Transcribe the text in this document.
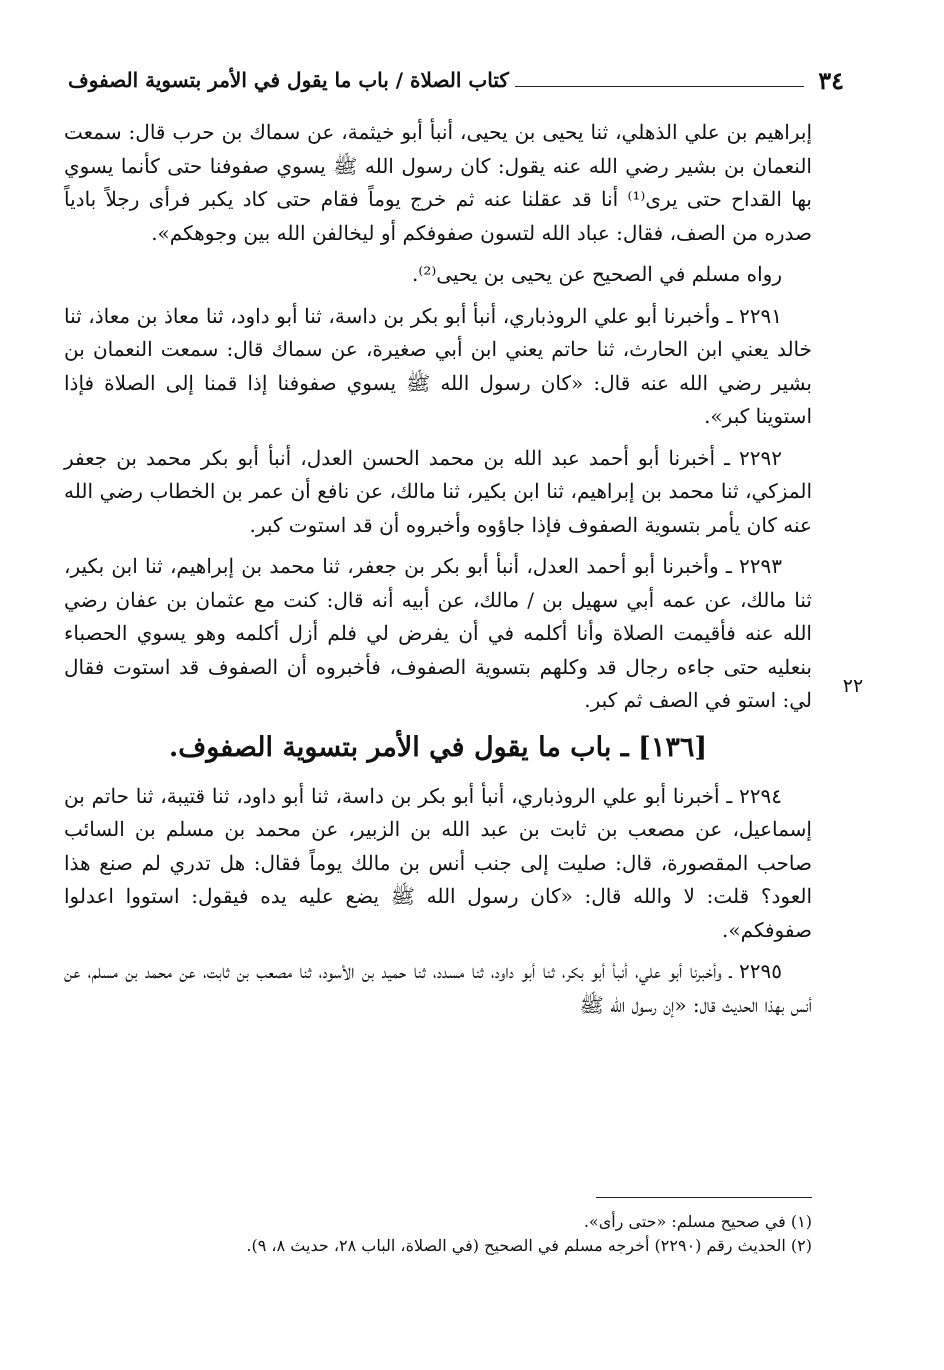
٣٤
كتاب الصلاة / باب ما يقول في الأمر بتسوية الصفوف
٢٢

إبراهيم بن علي الذهلي، ثنا يحيى بن يحيى، أنبأ أبو خيثمة، عن سماك بن حرب قال: سمعت النعمان بن بشير رضي الله عنه يقول: كان رسول الله ﷺ يسوي صفوفنا حتى كأنما يسوي بها القداح حتى يرى⁽¹⁾ أنا قد عقلنا عنه ثم خرج يوماً فقام حتى كاد يكبر فرأى رجلاً بادياً صدره من الصف، فقال: عباد الله لتسون صفوفكم أو ليخالفن الله بين وجوهكم».

رواه مسلم في الصحيح عن يحيى بن يحيى⁽²⁾.

٢٢٩١ ـ وأخبرنا أبو علي الروذباري، أنبأ أبو بكر بن داسة، ثنا أبو داود، ثنا معاذ بن معاذ، ثنا خالد يعني ابن الحارث، ثنا حاتم يعني ابن أبي صغيرة، عن سماك قال: سمعت النعمان بن بشير رضي الله عنه قال: «كان رسول الله ﷺ يسوي صفوفنا إذا قمنا إلى الصلاة فإذا استوينا كبر».

٢٢٩٢ ـ أخبرنا أبو أحمد عبد الله بن محمد الحسن العدل، أنبأ أبو بكر محمد بن جعفر المزكي، ثنا محمد بن إبراهيم، ثنا ابن بكير، ثنا مالك، عن نافع أن عمر بن الخطاب رضي الله عنه كان يأمر بتسوية الصفوف فإذا جاؤوه وأخبروه أن قد استوت كبر.

٢٢٩٣ ـ وأخبرنا أبو أحمد العدل، أنبأ أبو بكر بن جعفر، ثنا محمد بن إبراهيم، ثنا ابن بكير، ثنا مالك، عن عمه أبي سهيل بن / مالك، عن أبيه أنه قال: كنت مع عثمان بن عفان رضي الله عنه فأقيمت الصلاة وأنا أكلمه في أن يفرض لي فلم أزل أكلمه وهو يسوي الحصباء بنعليه حتى جاءه رجال قد وكلهم بتسوية الصفوف، فأخبروه أن الصفوف قد استوت فقال لي: استو في الصف ثم كبر.

[١٣٦] ـ باب ما يقول في الأمر بتسوية الصفوف.

٢٢٩٤ ـ أخبرنا أبو علي الروذباري، أنبأ أبو بكر بن داسة، ثنا أبو داود، ثنا قتيبة، ثنا حاتم بن إسماعيل، عن مصعب بن ثابت بن عبد الله بن الزبير، عن محمد بن مسلم بن السائب صاحب المقصورة، قال: صليت إلى جنب أنس بن مالك يوماً فقال: هل تدري لم صنع هذا العود؟ قلت: لا والله قال: «كان رسول الله ﷺ يضع عليه يده فيقول: استووا اعدلوا صفوفكم».

٢٢٩٥ ـ وأخبرنا أبو علي، أنبأ أبو بكر، ثنا أبو داود، ثنا مسدد، ثنا حميد بن الأسود، ثنا مصعب بن ثابت، عن محمد بن مسلم، عن أنس بهذا الحديث قال: «إن رسول الله ﷺ

(١) في صحيح مسلم: «حتى رأى».

(٢) الحديث رقم (٢٢٩٠) أخرجه مسلم في الصحيح (في الصلاة، الباب ٢٨، حديث ٨، ٩).
